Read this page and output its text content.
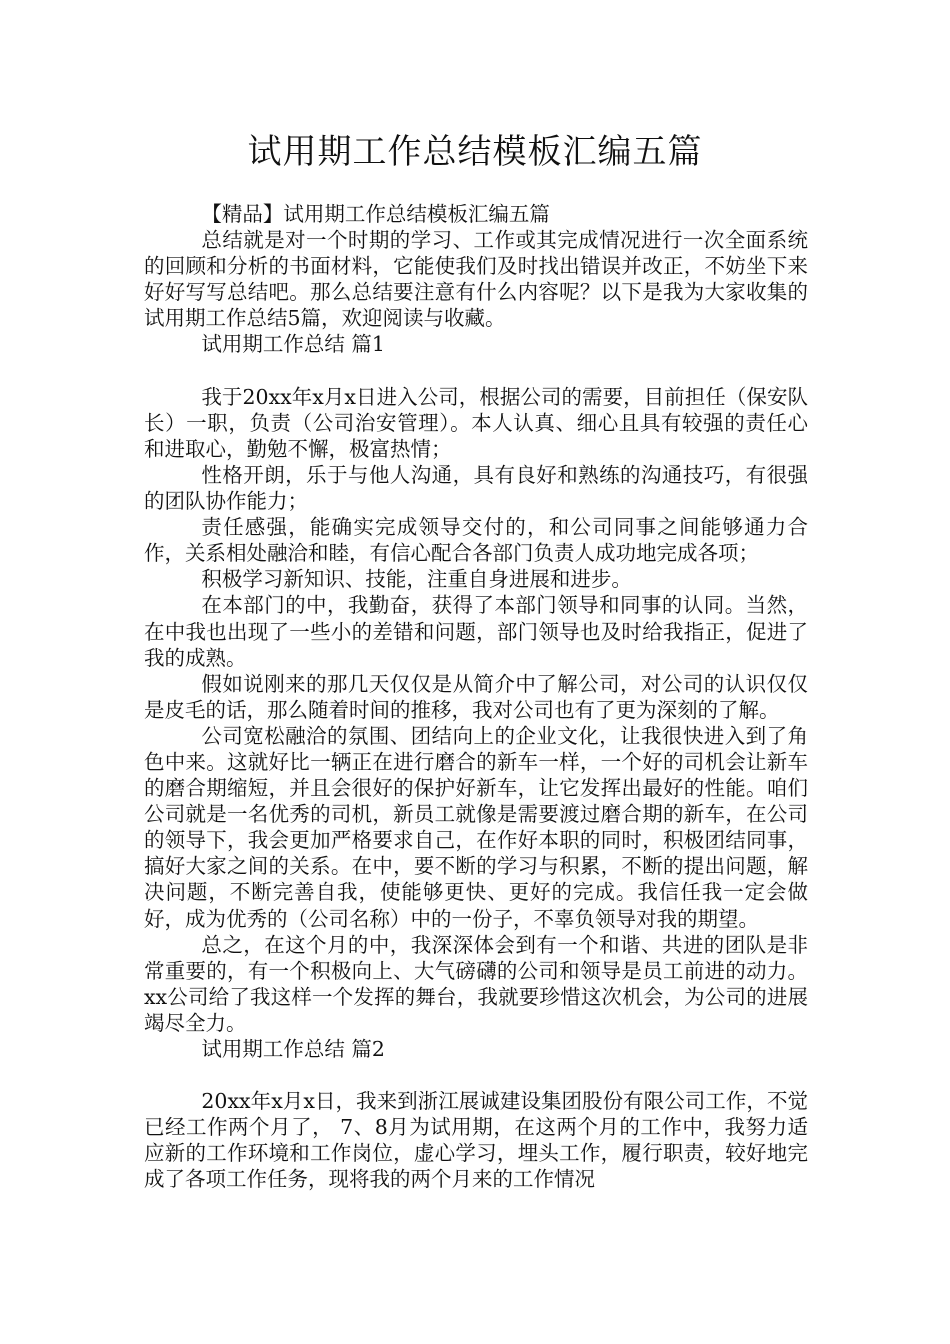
试用期工作总结模板汇编五篇

【精品】试用期工作总结模板汇编五篇

总结就是对一个时期的学习、工作或其完成情况进行一次全面系统的回顾和分析的书面材料，它能使我们及时找出错误并改正，不妨坐下来好好写写总结吧。那么总结要注意有什么内容呢？以下是我为大家收集的试用期工作总结5篇，欢迎阅读与收藏。

试用期工作总结 篇1

我于20xx年x月x日进入公司，根据公司的需要，目前担任（保安队长）一职，负责（公司治安管理）。本人认真、细心且具有较强的责任心和进取心，勤勉不懈，极富热情；

性格开朗，乐于与他人沟通，具有良好和熟练的沟通技巧，有很强的团队协作能力；

责任感强，能确实完成领导交付的，和公司同事之间能够通力合作，关系相处融洽和睦，有信心配合各部门负责人成功地完成各项；

积极学习新知识、技能，注重自身进展和进步。

在本部门的中，我勤奋，获得了本部门领导和同事的认同。当然，在中我也出现了一些小的差错和问题，部门领导也及时给我指正，促进了我的成熟。

假如说刚来的那几天仅仅是从简介中了解公司，对公司的认识仅仅是皮毛的话，那么随着时间的推移，我对公司也有了更为深刻的了解。

公司宽松融洽的氛围、团结向上的企业文化，让我很快进入到了角色中来。这就好比一辆正在进行磨合的新车一样，一个好的司机会让新车的磨合期缩短，并且会很好的保护好新车，让它发挥出最好的性能。咱们公司就是一名优秀的司机，新员工就像是需要渡过磨合期的新车，在公司的领导下，我会更加严格要求自己，在作好本职的同时，积极团结同事，搞好大家之间的关系。在中，要不断的学习与积累，不断的提出问题，解决问题，不断完善自我，使能够更快、更好的完成。我信任我一定会做好，成为优秀的（公司名称）中的一份子，不辜负领导对我的期望。

总之，在这个月的中，我深深体会到有一个和谐、共进的团队是非常重要的，有一个积极向上、大气磅礴的公司和领导是员工前进的动力。xx公司给了我这样一个发挥的舞台，我就要珍惜这次机会，为公司的进展竭尽全力。

试用期工作总结 篇2

20xx年x月x日，我来到浙江展诚建设集团股份有限公司工作，不觉已经工作两个月了， 7、8月为试用期，在这两个月的工作中，我努力适应新的工作环境和工作岗位，虚心学习，埋头工作，履行职责，较好地完成了各项工作任务，现将我的两个月来的工作情况
